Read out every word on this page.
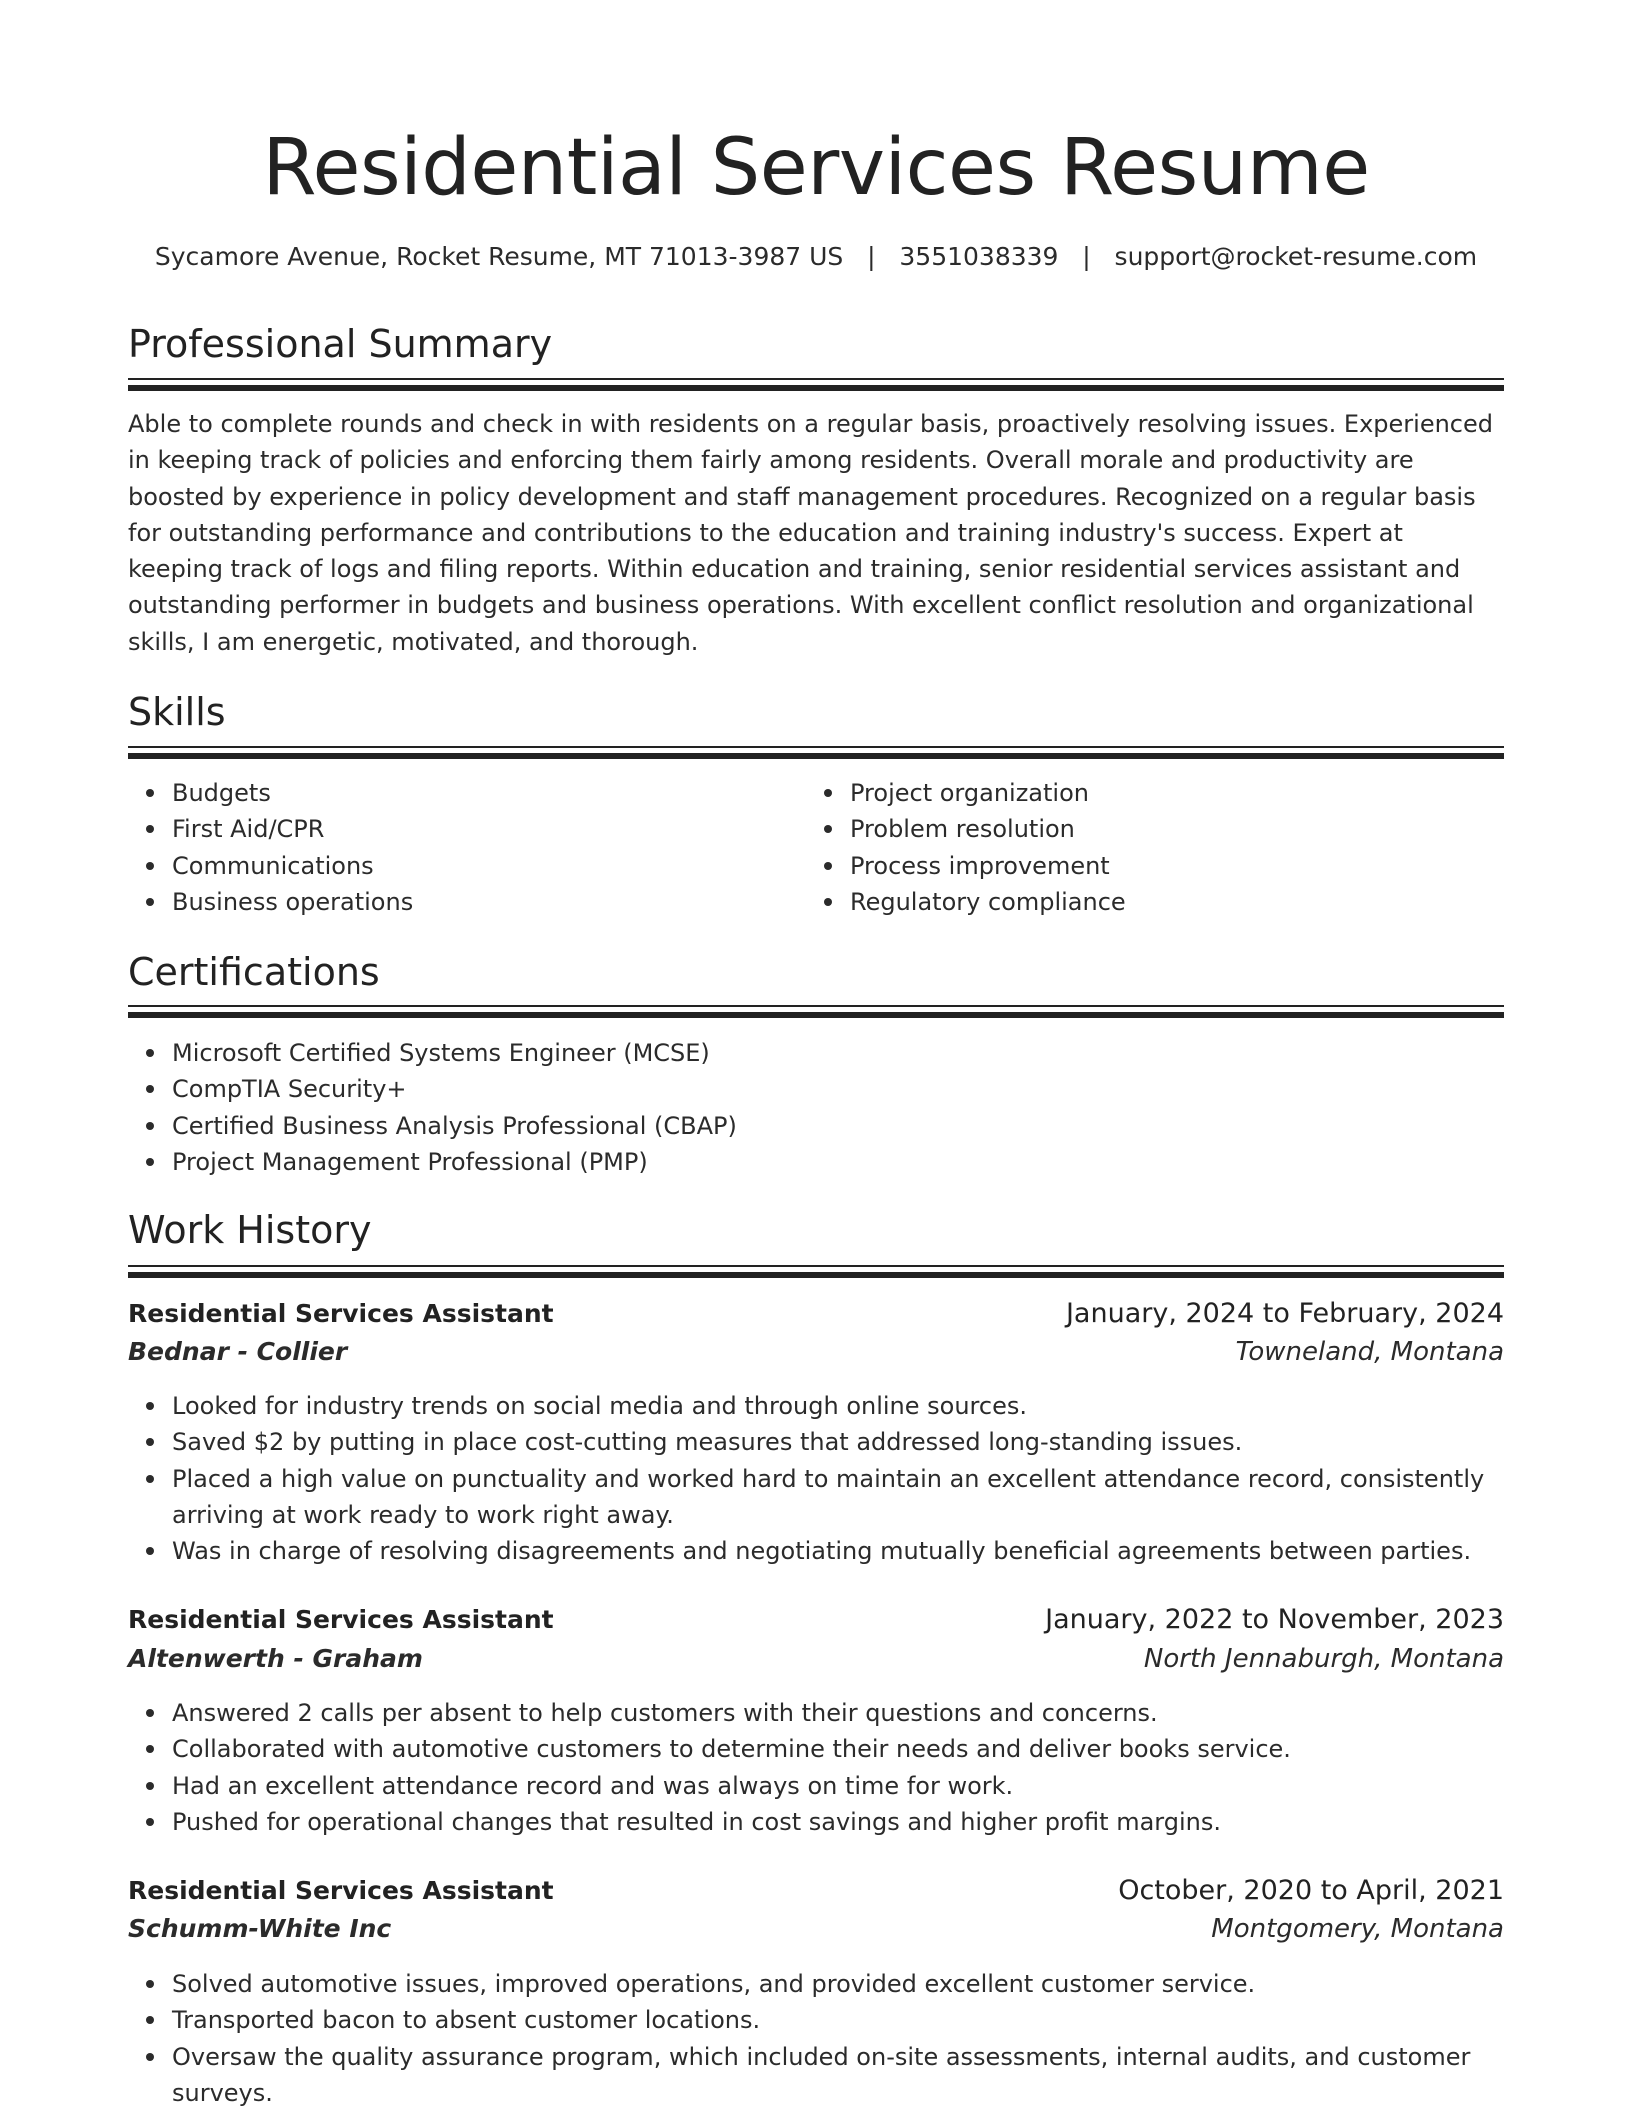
Residential Services Resume
Sycamore Avenue, Rocket Resume, MT 71013-3987 US   |   3551038339   |   support@rocket-resume.com
Professional Summary
Able to complete rounds and check in with residents on a regular basis, proactively resolving issues. Experienced in keeping track of policies and enforcing them fairly among residents. Overall morale and productivity are boosted by experience in policy development and staff management procedures. Recognized on a regular basis for outstanding performance and contributions to the education and training industry's success. Expert at keeping track of logs and filing reports. Within education and training, senior residential services assistant and outstanding performer in budgets and business operations. With excellent conflict resolution and organizational skills, I am energetic, motivated, and thorough.
Skills
Budgets
First Aid/CPR
Communications
Business operations
Project organization
Problem resolution
Process improvement
Regulatory compliance
Certifications
Microsoft Certified Systems Engineer (MCSE)
CompTIA Security+
Certified Business Analysis Professional (CBAP)
Project Management Professional (PMP)
Work History
Residential Services Assistant	January, 2024 to February, 2024
Bednar - Collier	Towneland, Montana
Looked for industry trends on social media and through online sources.
Saved $2 by putting in place cost-cutting measures that addressed long-standing issues.
Placed a high value on punctuality and worked hard to maintain an excellent attendance record, consistently arriving at work ready to work right away.
Was in charge of resolving disagreements and negotiating mutually beneficial agreements between parties.
Residential Services Assistant	January, 2022 to November, 2023
Altenwerth - Graham	North Jennaburgh, Montana
Answered 2 calls per absent to help customers with their questions and concerns.
Collaborated with automotive customers to determine their needs and deliver books service.
Had an excellent attendance record and was always on time for work.
Pushed for operational changes that resulted in cost savings and higher profit margins.
Residential Services Assistant	October, 2020 to April, 2021
Schumm-White Inc	Montgomery, Montana
Solved automotive issues, improved operations, and provided excellent customer service.
Transported bacon to absent customer locations.
Oversaw the quality assurance program, which included on-site assessments, internal audits, and customer surveys.
